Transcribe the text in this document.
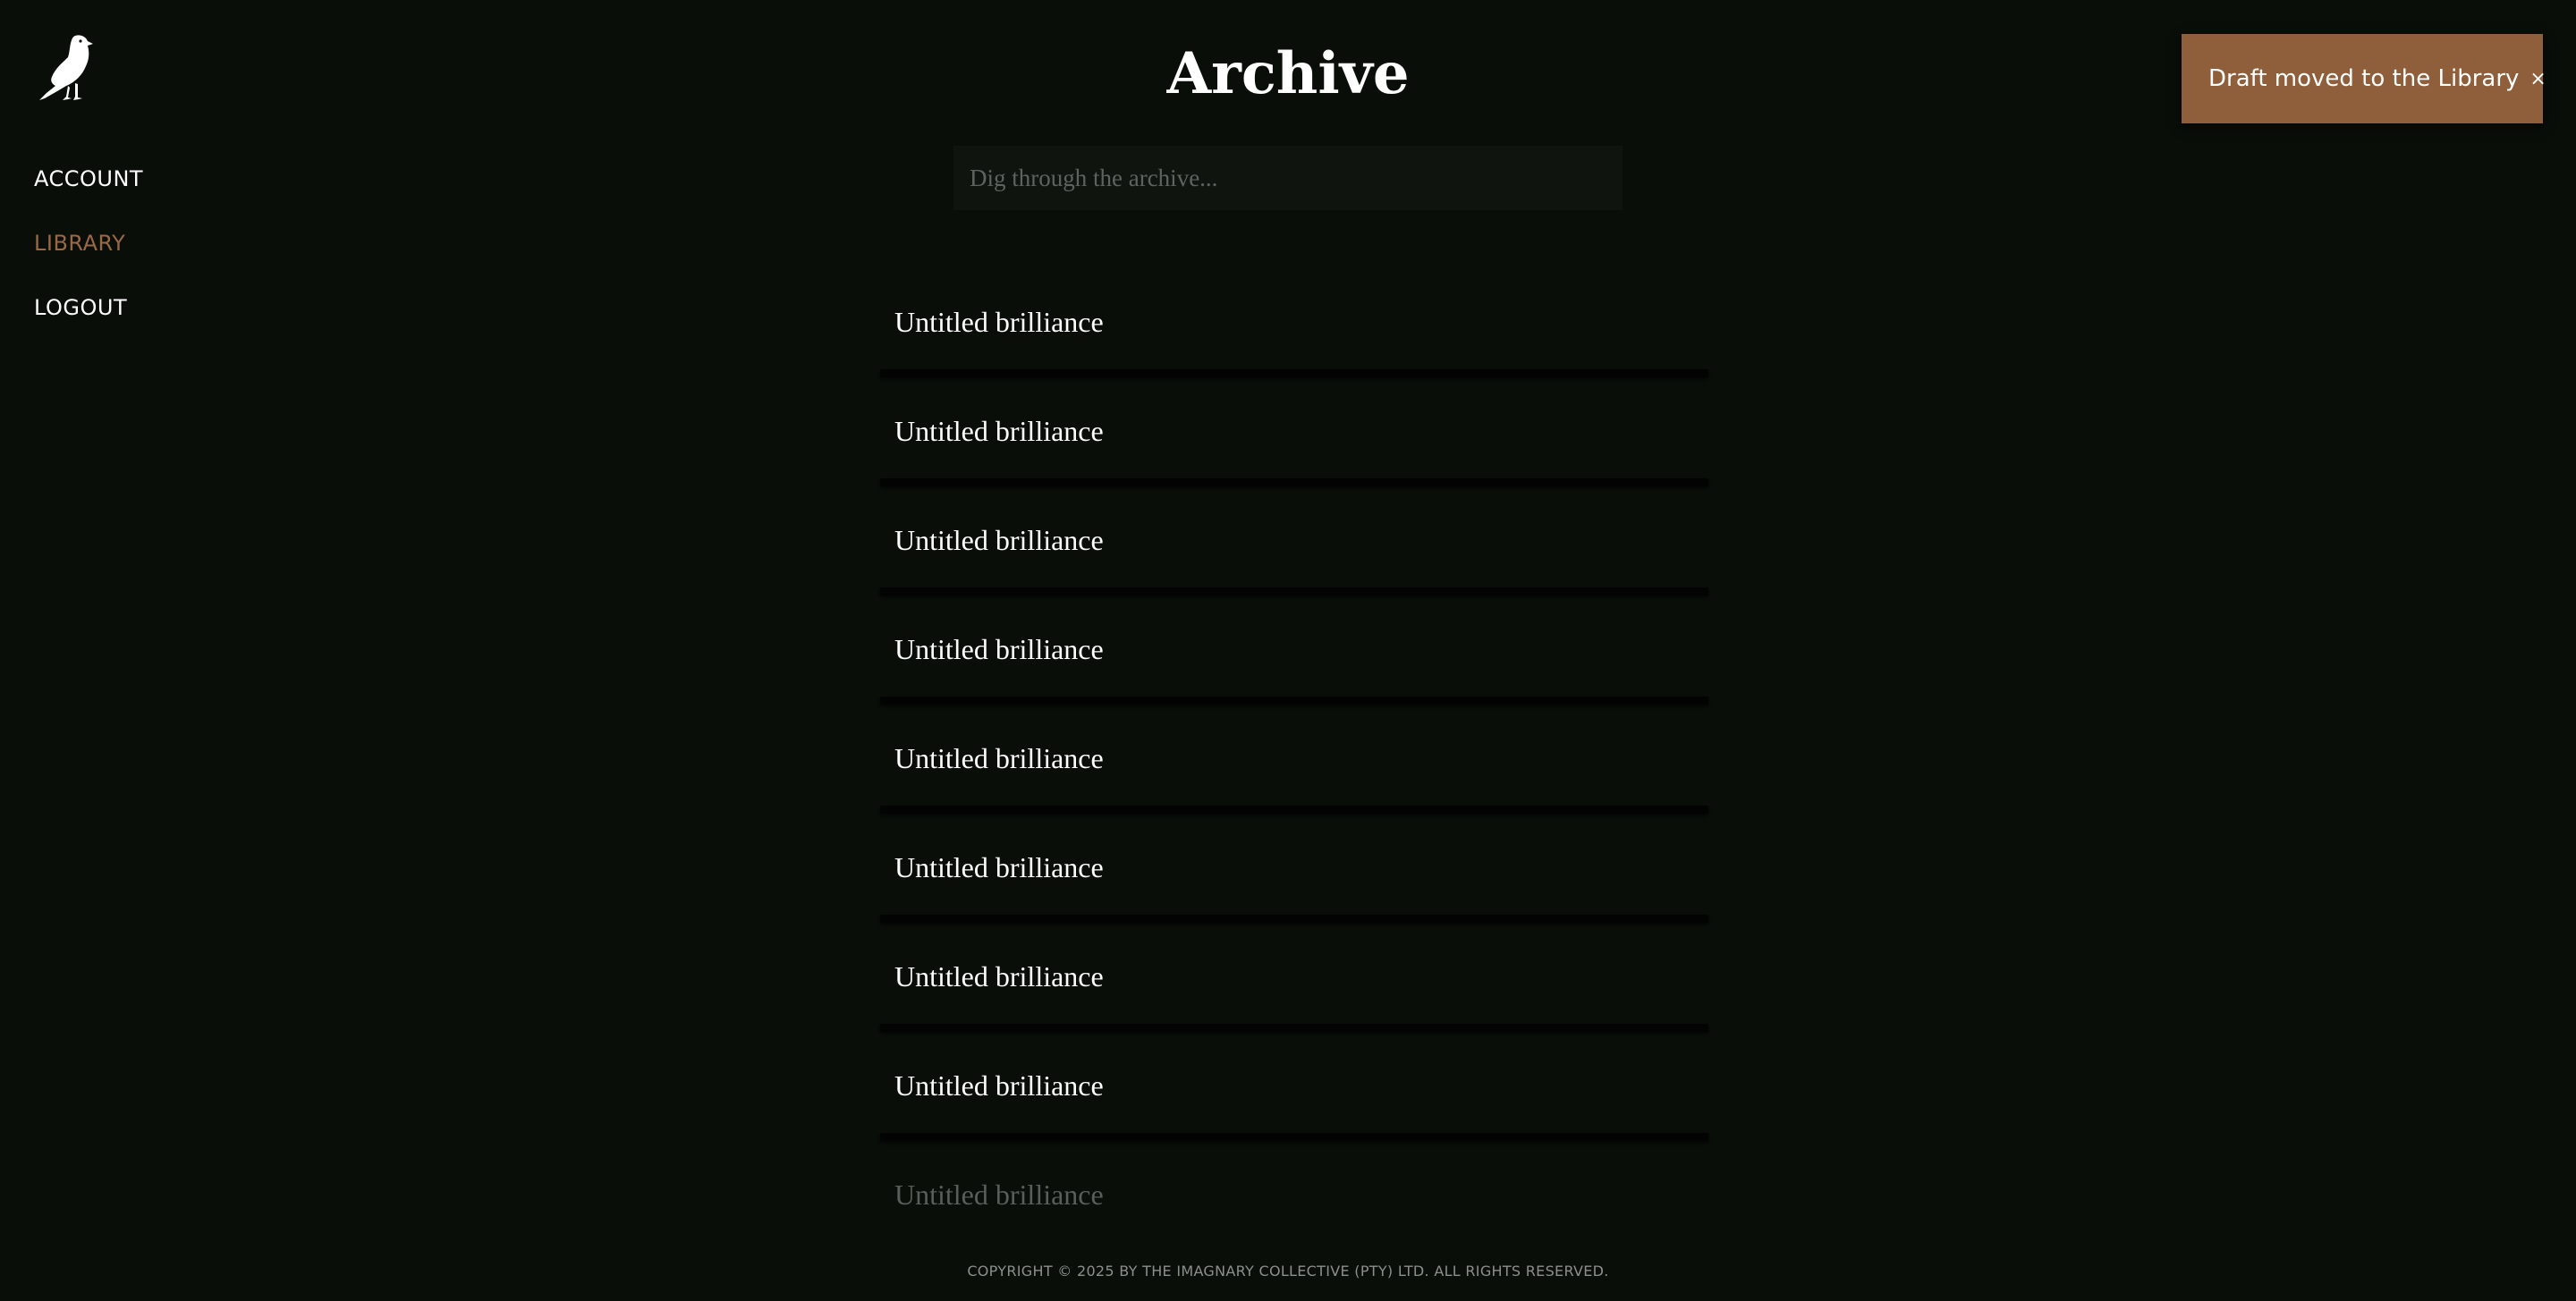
ACCOUNT
LIBRARY
LOGOUT
Archive
Dig through the archive...
Untitled brilliance
Untitled brilliance
Untitled brilliance
Untitled brilliance
Untitled brilliance
Untitled brilliance
Untitled brilliance
Untitled brilliance
Untitled brilliance
COPYRIGHT © 2025 BY THE IMAGNARY COLLECTIVE (PTY) LTD. ALL RIGHTS RESERVED.
Draft moved to the Library ×
